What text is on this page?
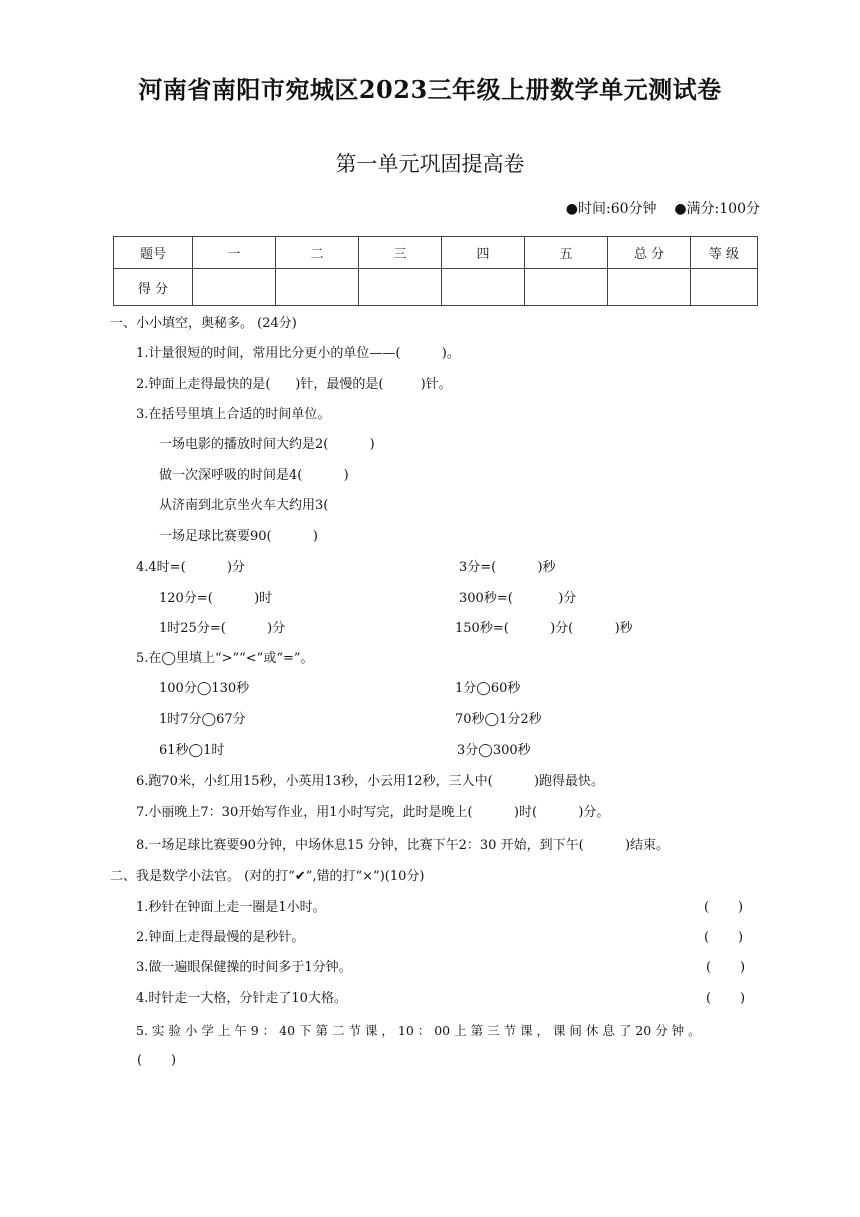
河南省南阳市宛城区2023三年级上册数学单元测试卷
第一单元巩固提高卷
●时间:60分钟 ●满分:100分
题号	一	二	三	四	五	总 分	等 级
得 分							
一、小小填空，奥秘多。 (24分)
1.计量很短的时间，常用比分更小的单位——(          )。
2.钟面上走得最快的是(      )针，最慢的是(         )针。
3.在括号里填上合适的时间单位。
一场电影的播放时间大约是2(          )
做一次深呼吸的时间是4(          )
从济南到北京坐火车大约用3(
一场足球比赛要90(          )
4.4时=(          )分	3分=(          )秒
120分=(          )时	300秒=(           )分
1时25分=(          )分	150秒=(          )分(          )秒
5.在◯里填上“>”“<”或“=”。
100分◯130秒	1分◯60秒
1时7分◯67分	70秒◯1分2秒
61秒◯1时	3分◯300秒
6.跑70米，小红用15秒，小英用13秒，小云用12秒，三人中(          )跑得最快。
7.小丽晚上7：30开始写作业，用1小时写完，此时是晚上(          )时(          )分。
8.一场足球比赛要90分钟，中场休息15 分钟，比赛下午2：30 开始，到下午(          )结束。
二、我是数学小法官。 (对的打“✔”,错的打“×”)(10分)
1.秒针在钟面上走一圈是1小时。	(       )
2.钟面上走得最慢的是秒针。	(       )
3.做一遍眼保健操的时间多于1分钟。	(       )
4.时针走一大格，分针走了10大格。	(       )
5. 实 验 小 学 上 午 9 ： 40 下 第 二 节 课 ， 10 ： 00 上 第 三 节 课 ， 课 间 休 息 了 20 分 钟 。
(       )
